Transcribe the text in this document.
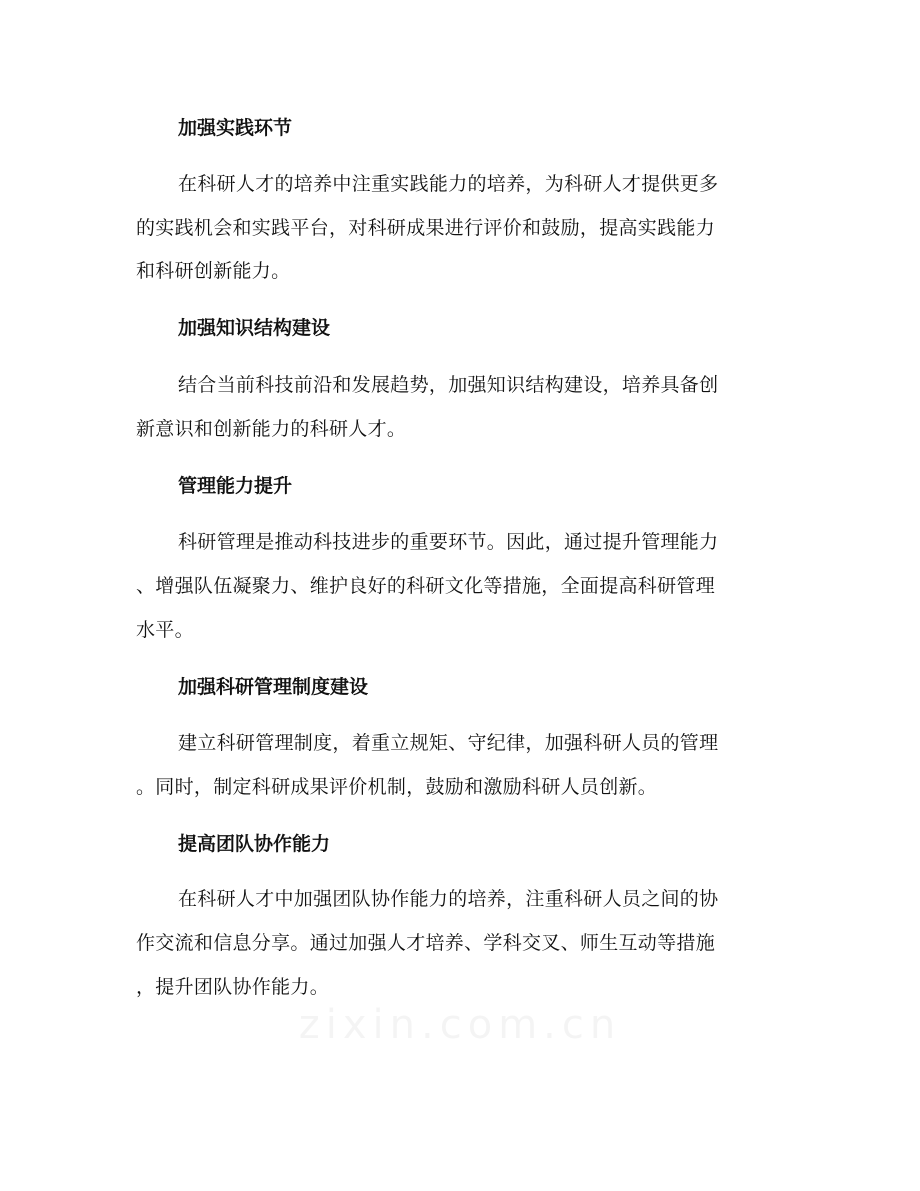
加强实践环节

在科研人才的培养中注重实践能力的培养，为科研人才提供更多

的实践机会和实践平台，对科研成果进行评价和鼓励，提高实践能力

和科研创新能力。

加强知识结构建设

结合当前科技前沿和发展趋势，加强知识结构建设，培养具备创

新意识和创新能力的科研人才。

管理能力提升

科研管理是推动科技进步的重要环节。因此，通过提升管理能力

、增强队伍凝聚力、维护良好的科研文化等措施，全面提高科研管理

水平。

加强科研管理制度建设

建立科研管理制度，着重立规矩、守纪律，加强科研人员的管理

。同时，制定科研成果评价机制，鼓励和激励科研人员创新。

提高团队协作能力

在科研人才中加强团队协作能力的培养，注重科研人员之间的协

作交流和信息分享。通过加强人才培养、学科交叉、师生互动等措施

，提升团队协作能力。
